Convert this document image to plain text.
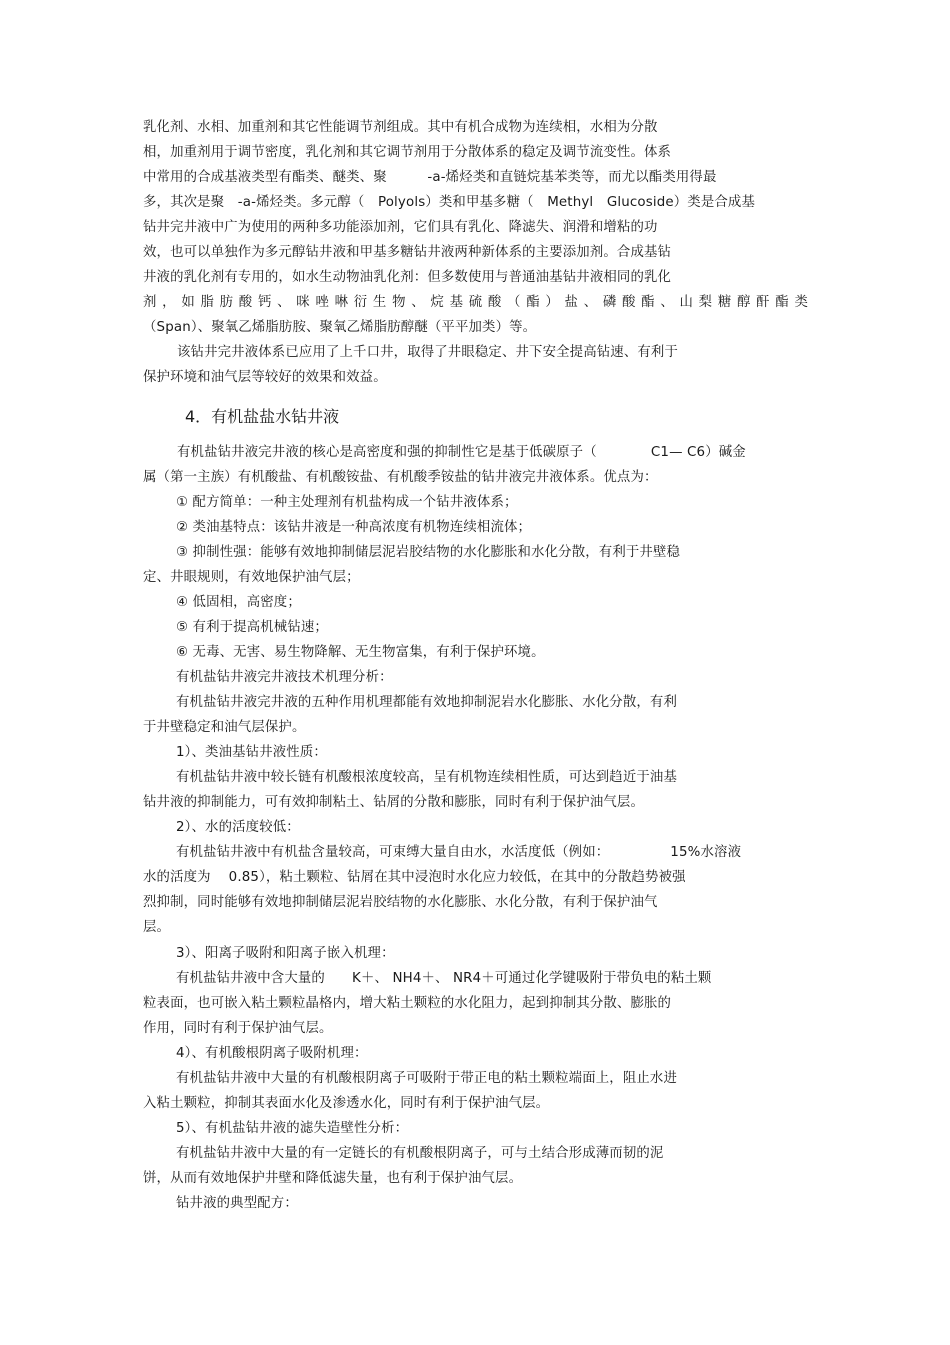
乳化剂、水相、加重剂和其它性能调节剂组成。其中有机合成物为连续相，水相为分散
相，加重剂用于调节密度，乳化剂和其它调节剂用于分散体系的稳定及调节流变性。体系
中常用的合成基液类型有酯类、醚类、聚　　　-a-烯烃类和直链烷基苯类等，而尤以酯类用得最
多，其次是聚　-a-烯烃类。多元醇（　Polyols）类和甲基多糖（　Methyl　Glucoside）类是合成基
钻井完井液中广为使用的两种多功能添加剂，它们具有乳化、降滤失、润滑和增粘的功
效，也可以单独作为多元醇钻井液和甲基多糖钻井液两种新体系的主要添加剂。合成基钻
井液的乳化剂有专用的，如水生动物油乳化剂：但多数使用与普通油基钻井液相同的乳化
剂，如脂肪酸钙、咪唑啉衍生物、烷基硫酸（酯）盐、磷酸酯、山梨糖醇酐酯类
（Span）、聚氧乙烯脂肪胺、聚氧乙烯脂肪醇醚（平平加类）等。
该钻井完井液体系已应用了上千口井，取得了井眼稳定、井下安全提高钻速、有利于
保护环境和油气层等较好的效果和效益。
4．有机盐盐水钻井液
有机盐钻井液完井液的核心是高密度和强的抑制性它是基于低碳原子（　　　　C1— C6）碱金
属（第一主族）有机酸盐、有机酸铵盐、有机酸季铵盐的钻井液完井液体系。优点为：
① 配方简单：一种主处理剂有机盐构成一个钻井液体系；
② 类油基特点：该钻井液是一种高浓度有机物连续相流体；
③ 抑制性强：能够有效地抑制储层泥岩胶结物的水化膨胀和水化分散，有利于井壁稳
定、井眼规则，有效地保护油气层；
④ 低固相，高密度；
⑤ 有利于提高机械钻速；
⑥ 无毒、无害、易生物降解、无生物富集，有利于保护环境。
有机盐钻井液完井液技术机理分析：
有机盐钻井液完井液的五种作用机理都能有效地抑制泥岩水化膨胀、水化分散，有利
于井壁稳定和油气层保护。
1）、类油基钻井液性质：
有机盐钻井液中较长链有机酸根浓度较高，呈有机物连续相性质，可达到趋近于油基
钻井液的抑制能力，可有效抑制粘土、钻屑的分散和膨胀，同时有利于保护油气层。
2）、水的活度较低：
有机盐钻井液中有机盐含量较高，可束缚大量自由水，水活度低（例如：　　　　　15%水溶液
水的活度为　 0.85），粘土颗粒、钻屑在其中浸泡时水化应力较低，在其中的分散趋势被强
烈抑制，同时能够有效地抑制储层泥岩胶结物的水化膨胀、水化分散，有利于保护油气
层。
3）、阳离子吸附和阳离子嵌入机理：
有机盐钻井液中含大量的　　K＋、 NH4＋、 NR4＋可通过化学键吸附于带负电的粘土颗
粒表面，也可嵌入粘土颗粒晶格内，增大粘土颗粒的水化阻力，起到抑制其分散、膨胀的
作用，同时有利于保护油气层。
4）、有机酸根阴离子吸附机理：
有机盐钻井液中大量的有机酸根阴离子可吸附于带正电的粘土颗粒端面上，阻止水进
入粘土颗粒，抑制其表面水化及渗透水化，同时有利于保护油气层。
5）、有机盐钻井液的滤失造壁性分析：
有机盐钻井液中大量的有一定链长的有机酸根阴离子，可与土结合形成薄而韧的泥
饼，从而有效地保护井壁和降低滤失量，也有利于保护油气层。
钻井液的典型配方：
